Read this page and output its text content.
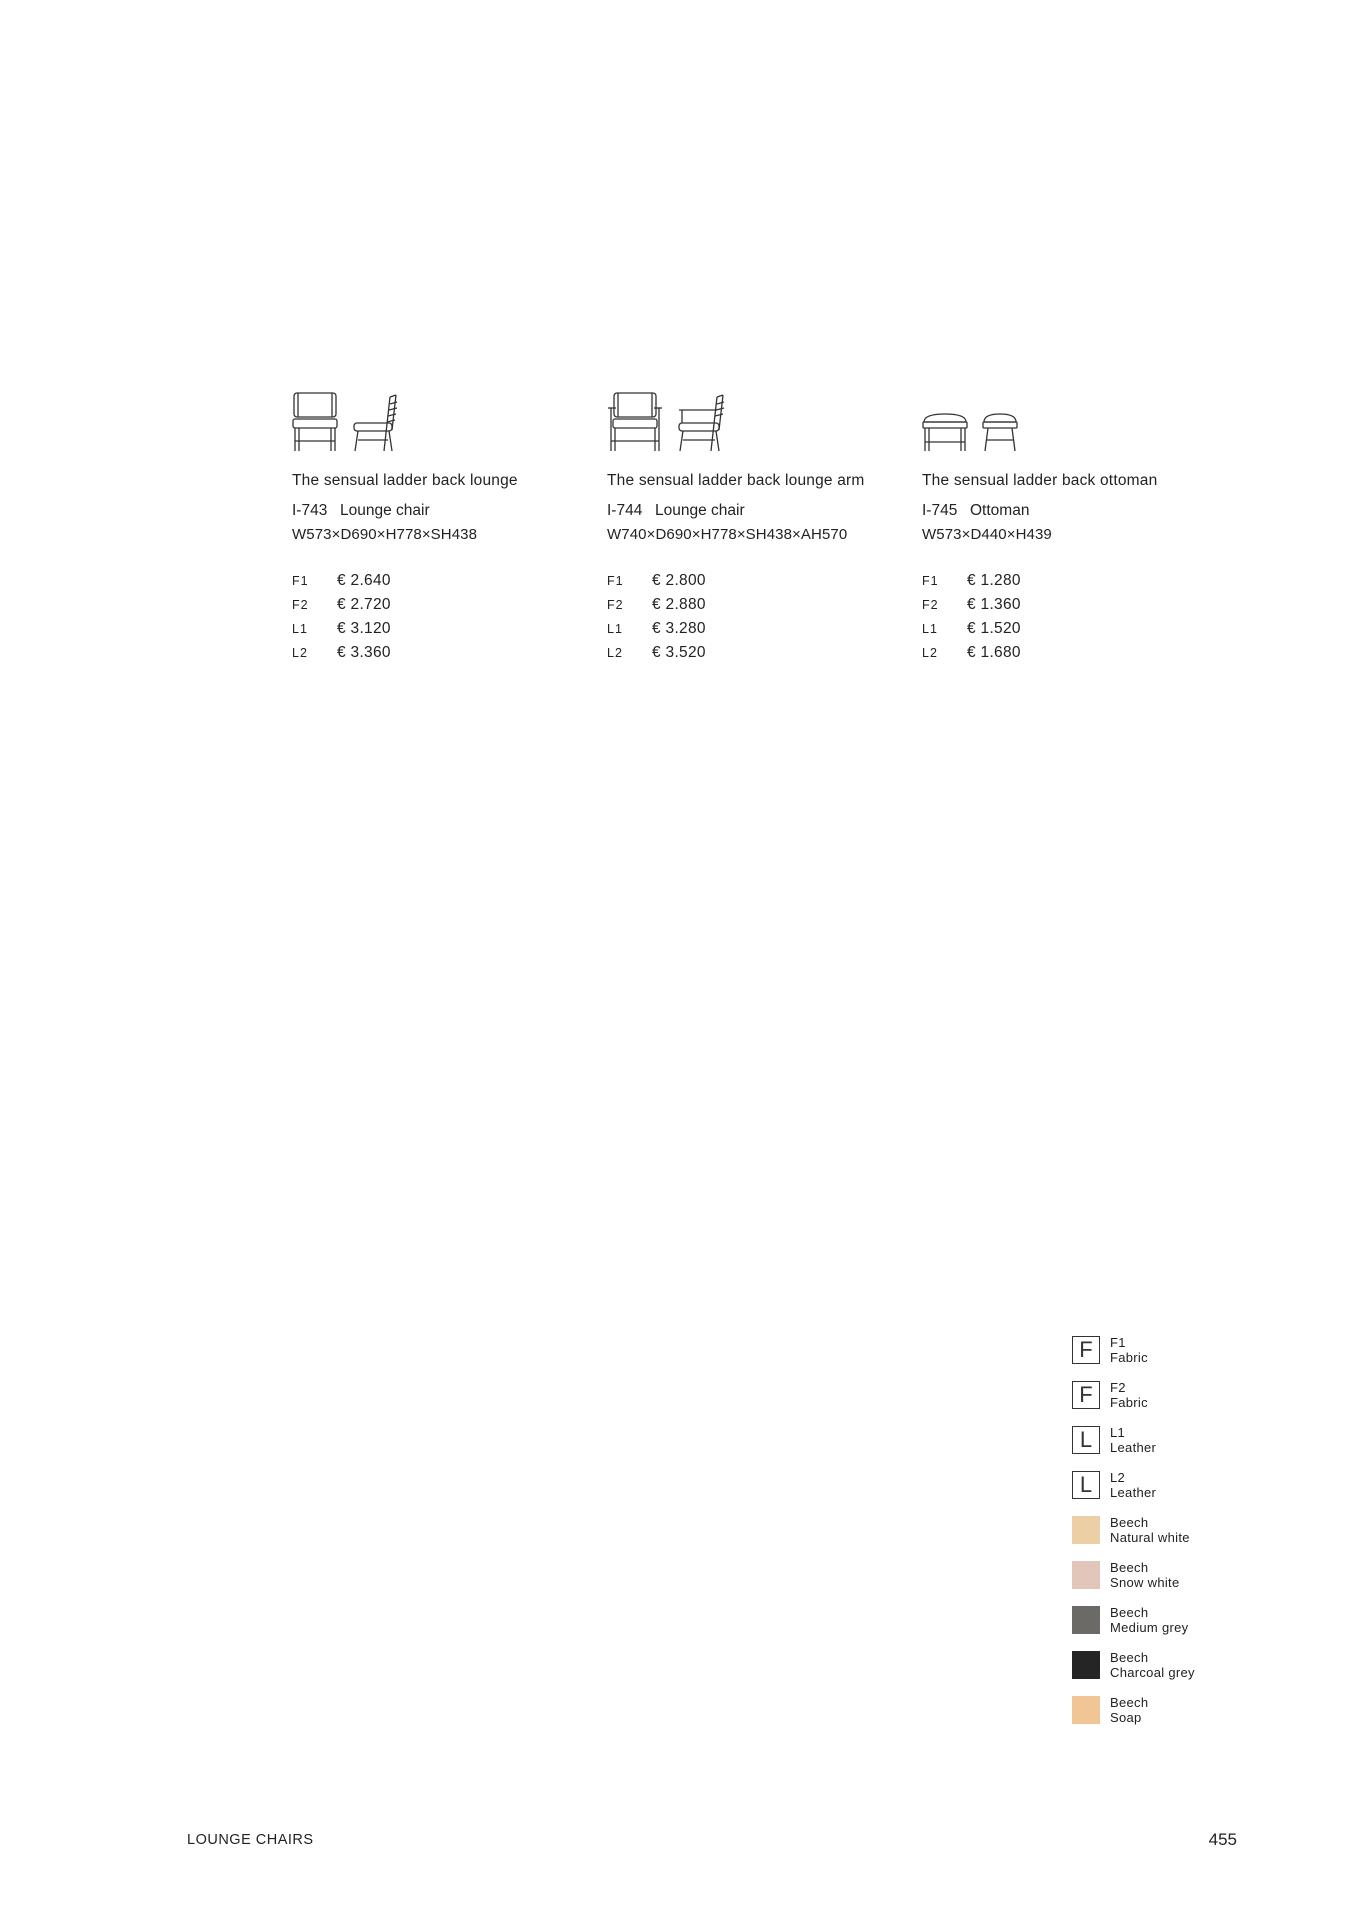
The sensual ladder back lounge
I-743 Lounge chair
W573×D690×H778×SH438
F1	€ 2.640
F2	€ 2.720
L1	€ 3.120
L2	€ 3.360
The sensual ladder back lounge arm
I-744 Lounge chair
W740×D690×H778×SH438×AH570
F1	€ 2.800
F2	€ 2.880
L1	€ 3.280
L2	€ 3.520
The sensual ladder back ottoman
I-745 Ottoman
W573×D440×H439
F1	€ 1.280
F2	€ 1.360
L1	€ 1.520
L2	€ 1.680
F	F1
Fabric
F	F2
Fabric
L	L1
Leather
L	L2
Leather
Beech
Natural white
Beech
Snow white
Beech
Medium grey
Beech
Charcoal grey
Beech
Soap
LOUNGE CHAIRS	455
